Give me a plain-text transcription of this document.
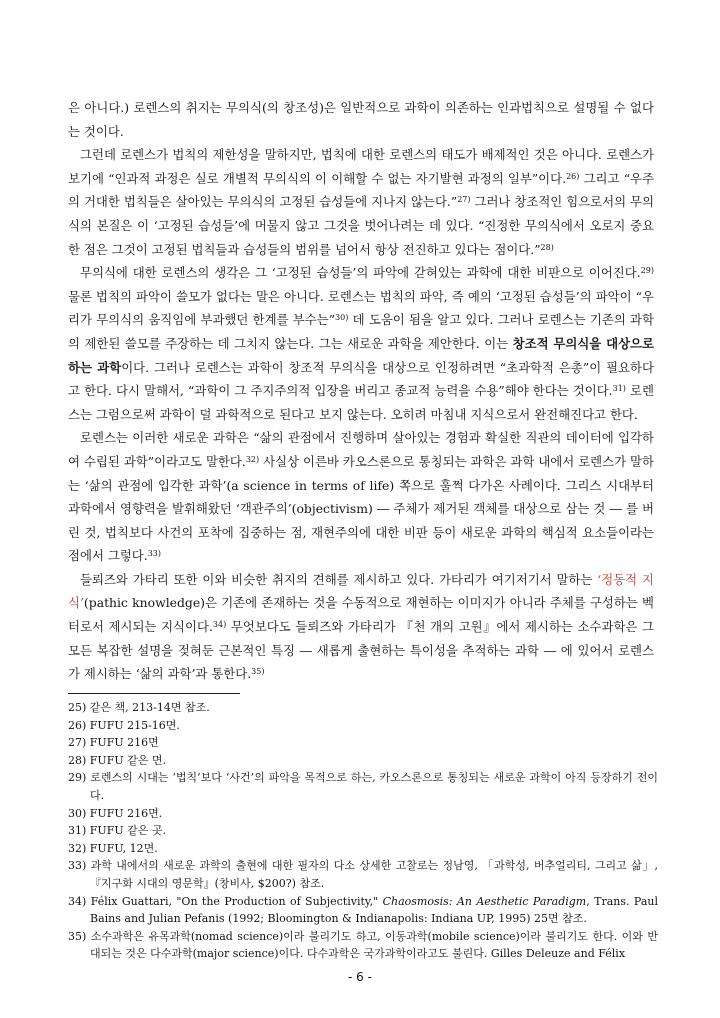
은 아니다.) 로렌스의 취지는 무의식(의 창조성)은 일반적으로 과학이 의존하는 인과법칙으로 설명될 수 없다는 것이다.

그런데 로렌스가 법칙의 제한성을 말하지만, 법칙에 대한 로렌스의 태도가 배제적인 것은 아니다. 로렌스가 보기에 “인과적 과정은 실로 개별적 무의식의 이 이해할 수 없는 자기발현 과정의 일부”이다.$^{26)}$ 그리고 “우주의 거대한 법칙들은 살아있는 무의식의 고정된 습성들에 지나지 않는다.”$^{27)}$ 그러나 창조적인 힘으로서의 무의식의 본질은 이 ‘고정된 습성들’에 머물지 않고 그것을 벗어나려는 데 있다. “진정한 무의식에서 오로지 중요한 점은 그것이 고정된 법칙들과 습성들의 범위를 넘어서 항상 전진하고 있다는 점이다.”$^{28)}$

무의식에 대한 로렌스의 생각은 그 ‘고정된 습성들’의 파악에 갇혀있는 과학에 대한 비판으로 이어진다.$^{29)}$ 물론 법칙의 파악이 쓸모가 없다는 말은 아니다. 로렌스는 법칙의 파악, 즉 예의 ‘고정된 습성들’의 파악이 “우리가 무의식의 움직임에 부과했던 한계를 부수는”$^{30)}$ 데 도움이 됨을 알고 있다. 그러나 로렌스는 기존의 과학의 제한된 쓸모를 주장하는 데 그치지 않는다. 그는 새로운 과학을 제안한다. 이는 창조적 무의식을 대상으로 하는 과학이다. 그러나 로렌스는 과학이 창조적 무의식을 대상으로 인정하려면 “초과학적 은총”이 필요하다고 한다. 다시 말해서, “과학이 그 주지주의적 입장을 버리고 종교적 능력을 수용”해야 한다는 것이다.$^{31)}$ 로렌스는 그럼으로써 과학이 덜 과학적으로 된다고 보지 않는다. 오히려 마침내 지식으로서 완전해진다고 한다.

로렌스는 이러한 새로운 과학은 “삶의 관점에서 진행하며 살아있는 경험과 확실한 직관의 데이터에 입각하여 수립된 과학”이라고도 말한다.$^{32)}$ 사실상 이른바 카오스론으로 통칭되는 과학은 과학 내에서 로렌스가 말하는 ‘삶의 관점에 입각한 과학’(a science in terms of life) 쪽으로 훌쩍 다가온 사례이다. 그리스 시대부터 과학에서 영향력을 발휘해왔던 ‘객관주의’(objectivism) ― 주체가 제거된 객체를 대상으로 삼는 것 ― 를 버린 것, 법칙보다 사건의 포착에 집중하는 점, 재현주의에 대한 비판 등이 새로운 과학의 핵심적 요소들이라는 점에서 그렇다.$^{33)}$

들뢰즈와 가타리 또한 이와 비슷한 취지의 견해를 제시하고 있다. 가타리가 여기저기서 말하는 ‘정동적 지식’(pathic knowledge)은 기존에 존재하는 것을 수동적으로 재현하는 이미지가 아니라 주체를 구성하는 벡터로서 제시되는 지식이다.$^{34)}$ 무엇보다도 들뢰즈와 가타리가 『천 개의 고원』에서 제시하는 소수과학은 그 모든 복잡한 설명을 젖혀둔 근본적인 특징 ― 새롭게 출현하는 특이성을 추적하는 과학 ― 에 있어서 로렌스가 제시하는 ‘삶의 과학’과 통한다.$^{35)}$

25) 같은 책, 213-14면 참조.
26) FUFU 215-16면.
27) FUFU 216면
28) FUFU 같은 면.
29) 로렌스의 시대는 ‘법칙’보다 ‘사건’의 파악을 목적으로 하는, 카오스론으로 통칭되는 새로운 과학이 아직 등장하기 전이다.
30) FUFU 216면.
31) FUFU 같은 곳.
32) FUFU, 12면.
33) 과학 내에서의 새로운 과학의 출현에 대한 필자의 다소 상세한 고찰로는 정남영, 「과학성, 버추얼리티, 그리고 삶」, 『지구화 시대의 영문학』(창비사, $200?) 참조.
34) Félix Guattari, "On the Production of Subjectivity," Chaosmosis: An Aesthetic Paradigm, Trans. Paul Bains and Julian Pefanis (1992; Bloomington & Indianapolis: Indiana UP, 1995) 25면 참조.
35) 소수과학은 유목과학(nomad science)이라 불리기도 하고, 이동과학(mobile science)이라 불리기도 한다. 이와 반대되는 것은 다수과학(major science)이다. 다수과학은 국가과학이라고도 불린다. Gilles Deleuze and Félix
- 6 -
